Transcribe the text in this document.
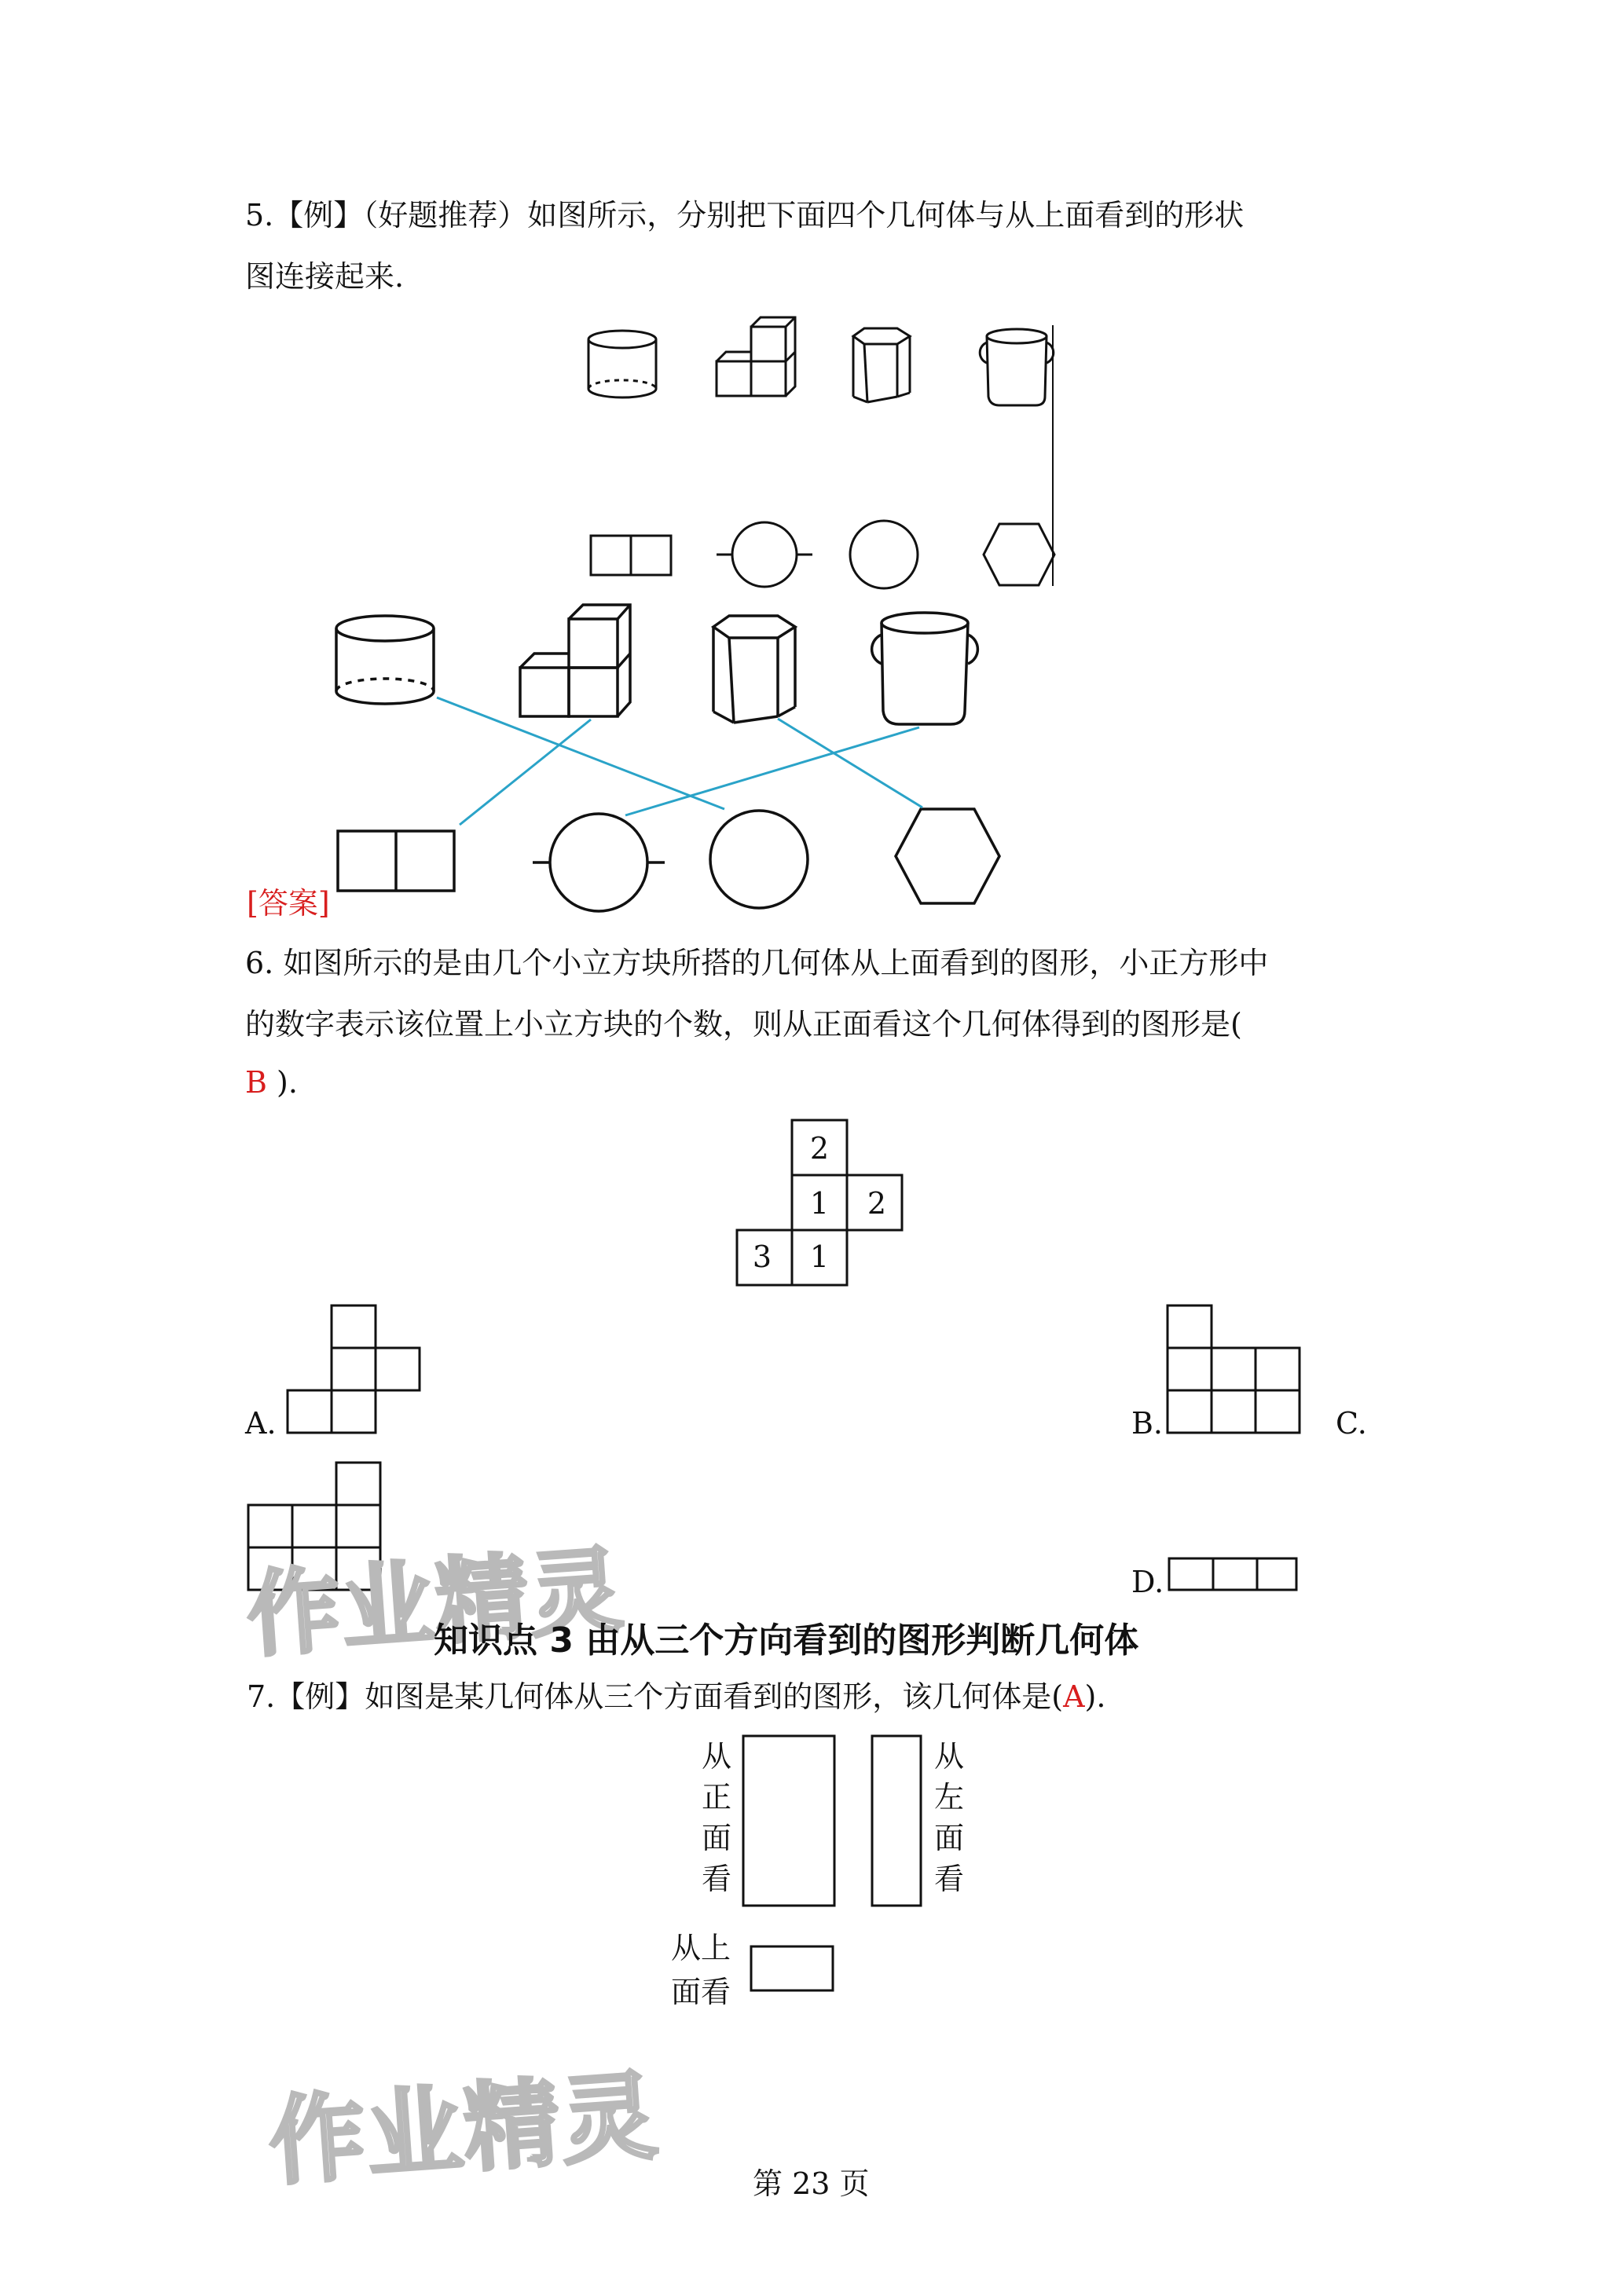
5.【例】（好题推荐）如图所示，分别把下面四个几何体与从上面看到的形状
图连接起来.
[答案]
6. 如图所示的是由几个小立方块所搭的几何体从上面看到的图形，小正方形中
的数字表示该位置上小立方块的个数，则从正面看这个几何体得到的图形是(
B ).
2
1 2
3 1
作业精灵
A.	B.	C.
D.
知识点 3 由从三个方向看到的图形判断几何体
7.【例】如图是某几何体从三个方面看到的图形，该几何体是(A).
从
正
面
看
从
左
面
看
从上
面看
作业精灵	第 23 页
